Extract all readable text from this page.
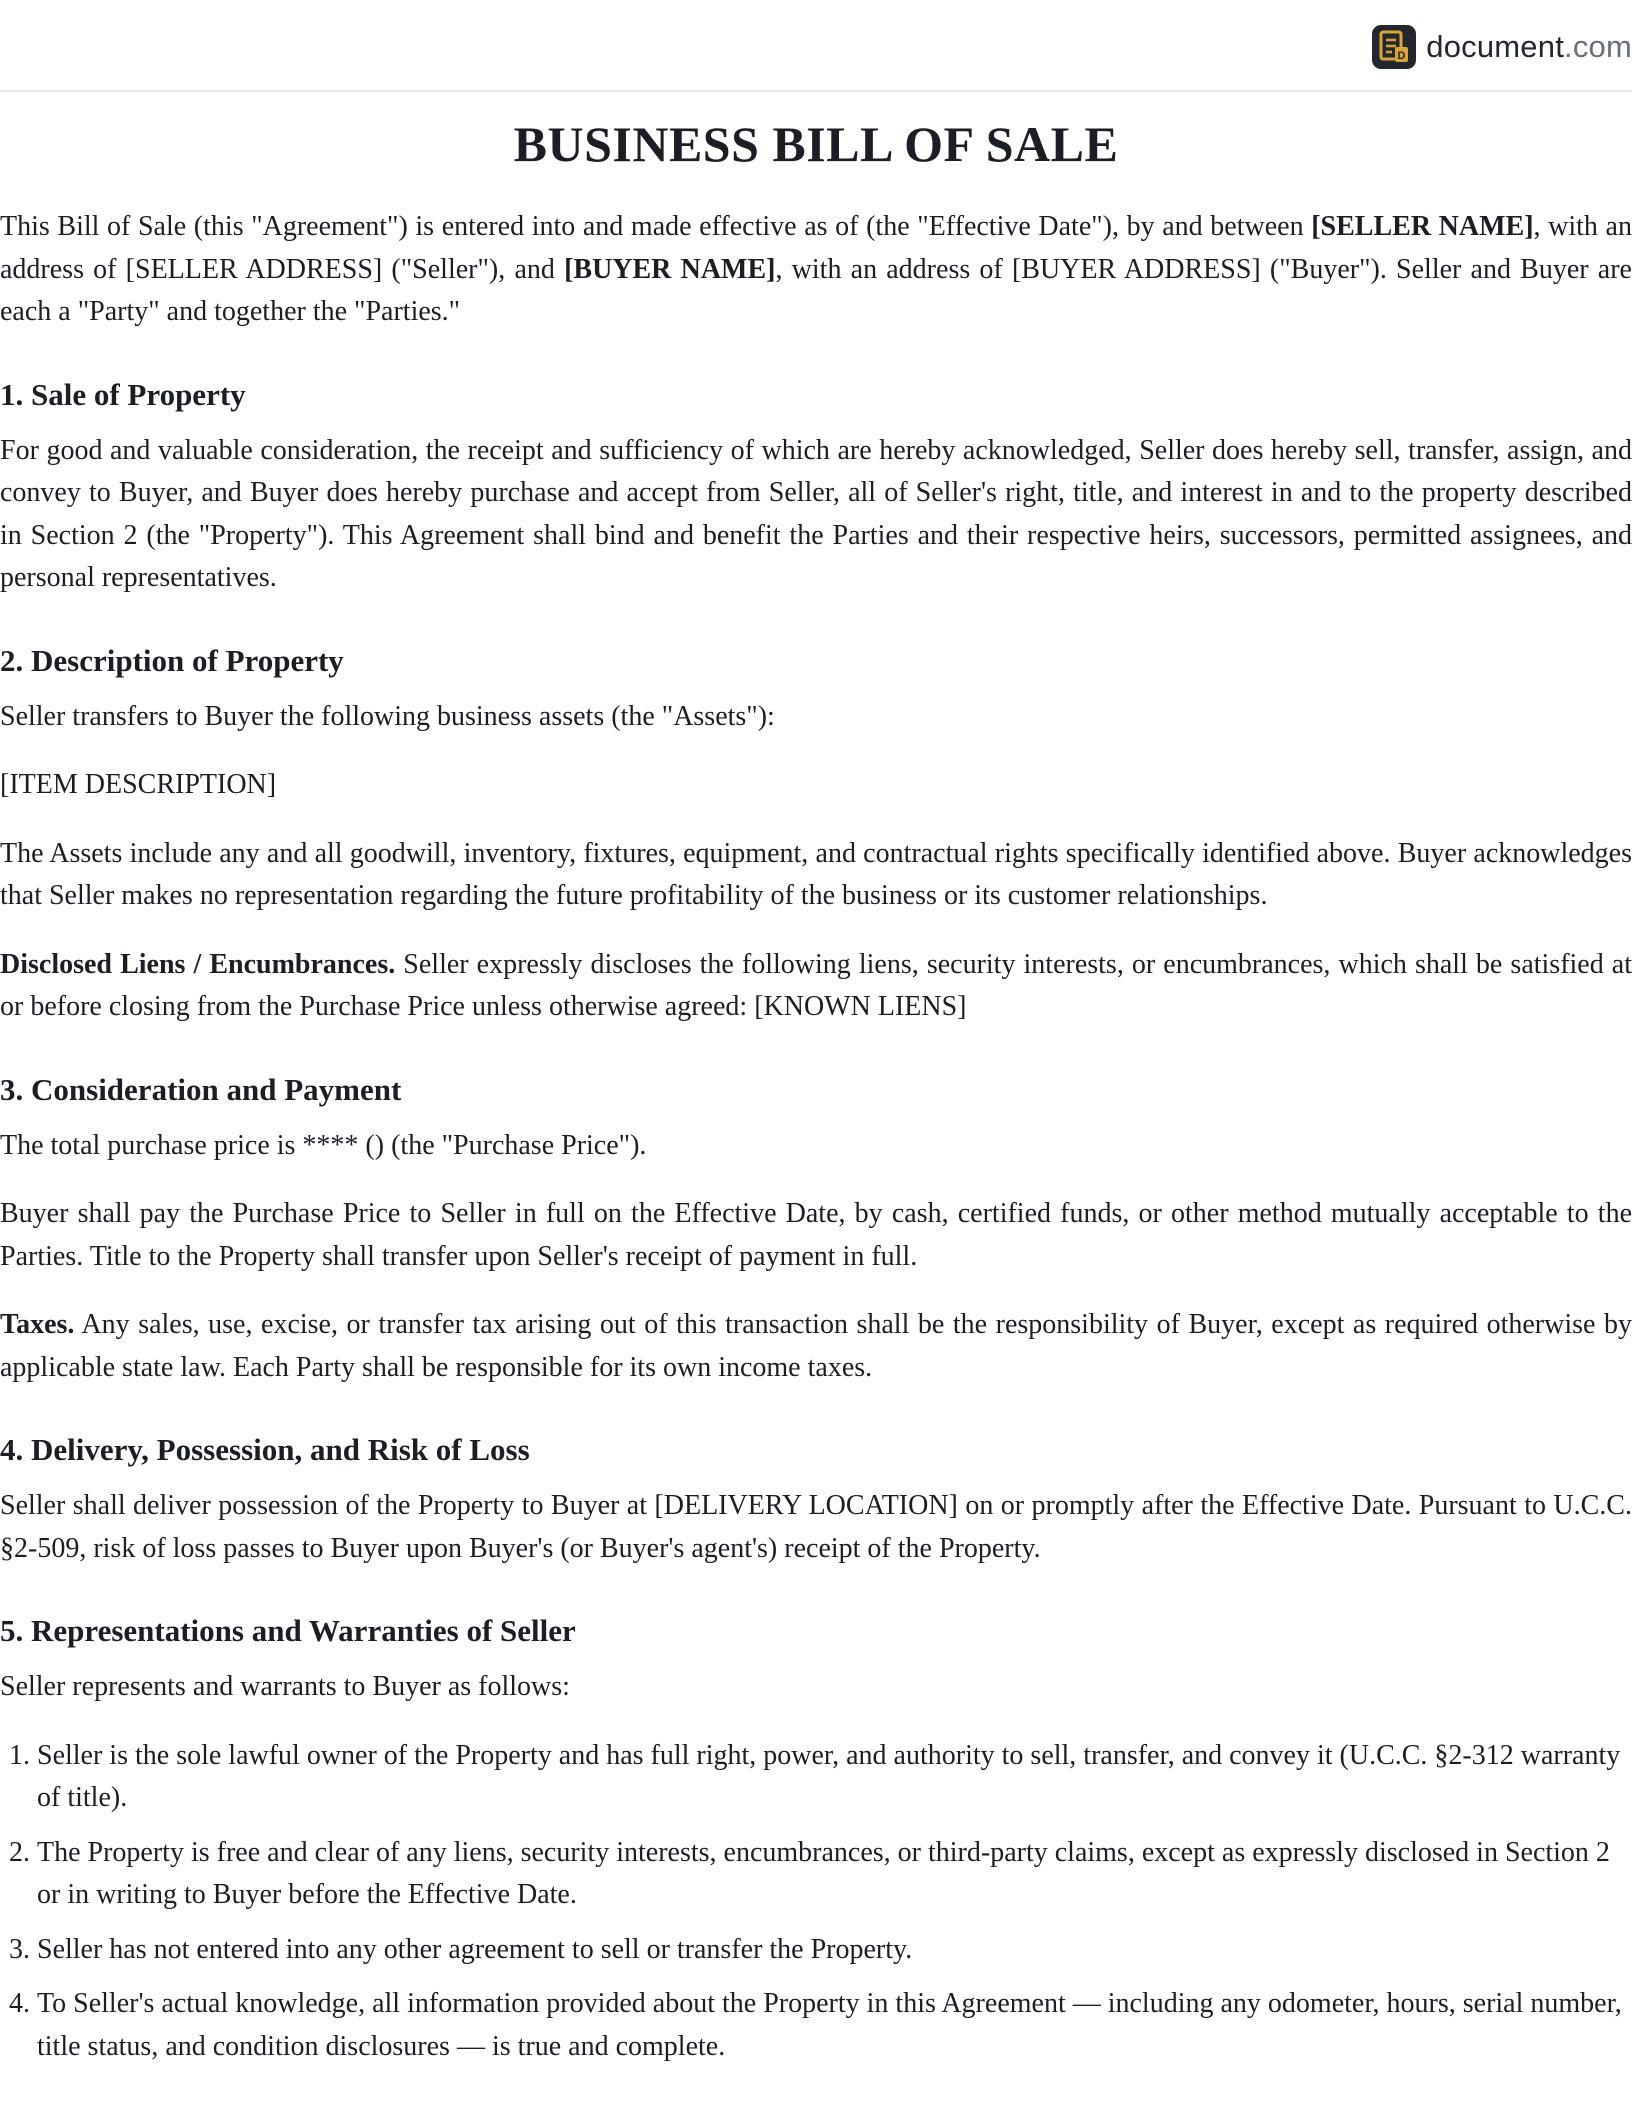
D document.com
BUSINESS BILL OF SALE

This Bill of Sale (this "Agreement") is entered into and made effective as of (the "Effective Date"), by and between [SELLER NAME], with an address of [SELLER ADDRESS] ("Seller"), and [BUYER NAME], with an address of [BUYER ADDRESS] ("Buyer"). Seller and Buyer are each a "Party" and together the "Parties."

1. Sale of Property

For good and valuable consideration, the receipt and sufficiency of which are hereby acknowledged, Seller does hereby sell, transfer, assign, and convey to Buyer, and Buyer does hereby purchase and accept from Seller, all of Seller's right, title, and interest in and to the property described in Section 2 (the "Property"). This Agreement shall bind and benefit the Parties and their respective heirs, successors, permitted assignees, and personal representatives.

2. Description of Property

Seller transfers to Buyer the following business assets (the "Assets"):

[ITEM DESCRIPTION]

The Assets include any and all goodwill, inventory, fixtures, equipment, and contractual rights specifically identified above. Buyer acknowledges that Seller makes no representation regarding the future profitability of the business or its customer relationships.

Disclosed Liens / Encumbrances. Seller expressly discloses the following liens, security interests, or encumbrances, which shall be satisfied at or before closing from the Purchase Price unless otherwise agreed: [KNOWN LIENS]

3. Consideration and Payment

The total purchase price is **** () (the "Purchase Price").

Buyer shall pay the Purchase Price to Seller in full on the Effective Date, by cash, certified funds, or other method mutually acceptable to the Parties. Title to the Property shall transfer upon Seller's receipt of payment in full.

Taxes. Any sales, use, excise, or transfer tax arising out of this transaction shall be the responsibility of Buyer, except as required otherwise by applicable state law. Each Party shall be responsible for its own income taxes.

4. Delivery, Possession, and Risk of Loss

Seller shall deliver possession of the Property to Buyer at [DELIVERY LOCATION] on or promptly after the Effective Date. Pursuant to U.C.C. §2-509, risk of loss passes to Buyer upon Buyer's (or Buyer's agent's) receipt of the Property.

5. Representations and Warranties of Seller

Seller represents and warrants to Buyer as follows:

1. Seller is the sole lawful owner of the Property and has full right, power, and authority to sell, transfer, and convey it (U.C.C. §2-312 warranty of title).
2. The Property is free and clear of any liens, security interests, encumbrances, or third-party claims, except as expressly disclosed in Section 2 or in writing to Buyer before the Effective Date.
3. Seller has not entered into any other agreement to sell or transfer the Property.
4. To Seller's actual knowledge, all information provided about the Property in this Agreement — including any odometer, hours, serial number, title status, and condition disclosures — is true and complete.
